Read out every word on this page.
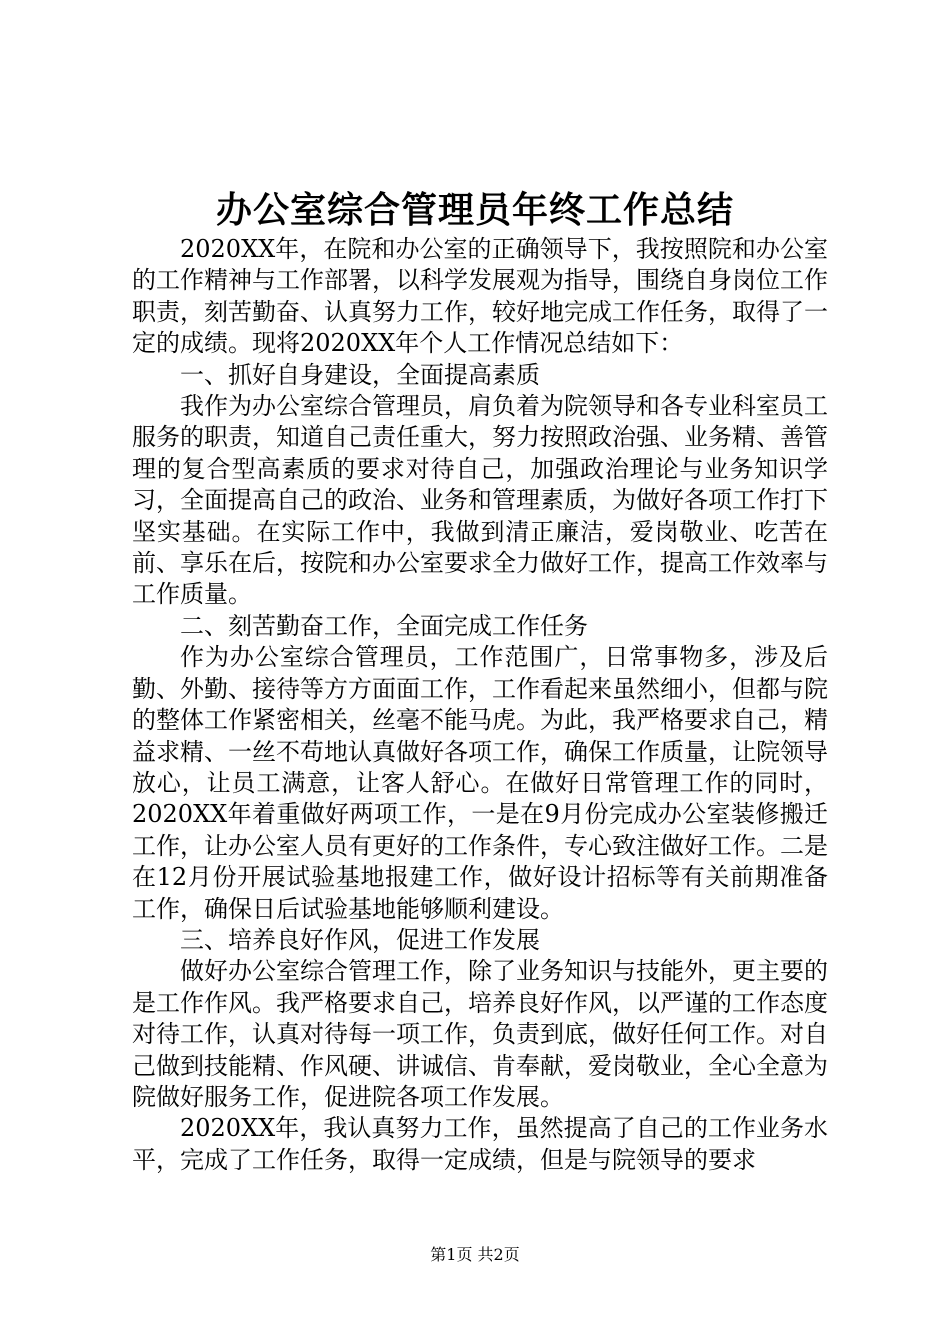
办公室综合管理员年终工作总结

2020XX年，在院和办公室的正确领导下，我按照院和办公室的工作精神与工作部署，以科学发展观为指导，围绕自身岗位工作职责，刻苦勤奋、认真努力工作，较好地完成工作任务，取得了一定的成绩。现将2020XX年个人工作情况总结如下：

一、抓好自身建设，全面提高素质

我作为办公室综合管理员，肩负着为院领导和各专业科室员工服务的职责，知道自己责任重大，努力按照政治强、业务精、善管理的复合型高素质的要求对待自己，加强政治理论与业务知识学习，全面提高自己的政治、业务和管理素质，为做好各项工作打下坚实基础。在实际工作中，我做到清正廉洁，爱岗敬业、吃苦在前、享乐在后，按院和办公室要求全力做好工作，提高工作效率与工作质量。

二、刻苦勤奋工作，全面完成工作任务

作为办公室综合管理员，工作范围广，日常事物多，涉及后勤、外勤、接待等方方面面工作，工作看起来虽然细小，但都与院的整体工作紧密相关，丝毫不能马虎。为此，我严格要求自己，精益求精、一丝不苟地认真做好各项工作，确保工作质量，让院领导放心，让员工满意，让客人舒心。在做好日常管理工作的同时，2020XX年着重做好两项工作，一是在9月份完成办公室装修搬迁工作，让办公室人员有更好的工作条件，专心致注做好工作。二是在12月份开展试验基地报建工作，做好设计招标等有关前期准备工作，确保日后试验基地能够顺利建设。

三、培养良好作风，促进工作发展

做好办公室综合管理工作，除了业务知识与技能外，更主要的是工作作风。我严格要求自己，培养良好作风，以严谨的工作态度对待工作，认真对待每一项工作，负责到底，做好任何工作。对自己做到技能精、作风硬、讲诚信、肯奉献，爱岗敬业，全心全意为院做好服务工作，促进院各项工作发展。

2020XX年，我认真努力工作，虽然提高了自己的工作业务水平，完成了工作任务，取得一定成绩，但是与院领导的要求

第1页 共2页
